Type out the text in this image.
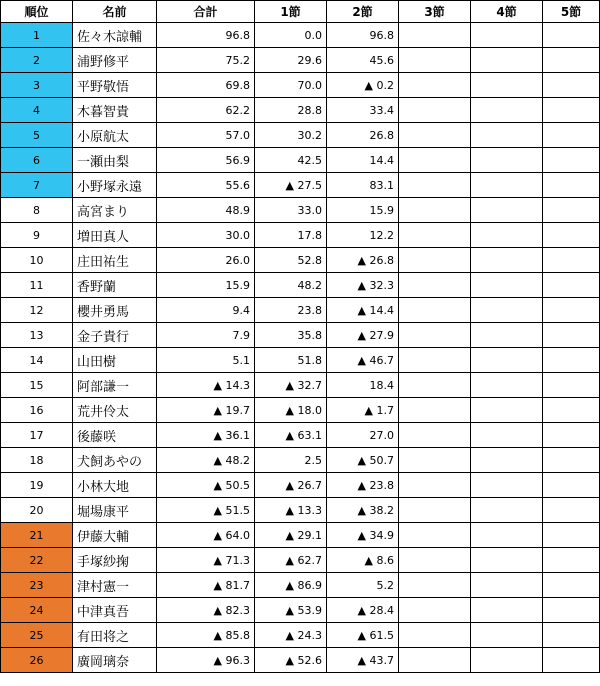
順位	名前	合計	1節	2節	3節	4節	5節
1	佐々木諒輔	96.8	0.0	96.8			
2	浦野修平	75.2	29.6	45.6			
3	平野敬悟	69.8	70.0	▲ 0.2			
4	木暮智貴	62.2	28.8	33.4			
5	小原航太	57.0	30.2	26.8			
6	一瀬由梨	56.9	42.5	14.4			
7	小野塚永遠	55.6	▲ 27.5	83.1			
8	高宮まり	48.9	33.0	15.9			
9	増田真人	30.0	17.8	12.2			
10	庄田祐生	26.0	52.8	▲ 26.8			
11	香野蘭	15.9	48.2	▲ 32.3			
12	櫻井勇馬	9.4	23.8	▲ 14.4			
13	金子貴行	7.9	35.8	▲ 27.9			
14	山田樹	5.1	51.8	▲ 46.7			
15	阿部謙一	▲ 14.3	▲ 32.7	18.4			
16	荒井伶太	▲ 19.7	▲ 18.0	▲ 1.7			
17	後藤咲	▲ 36.1	▲ 63.1	27.0			
18	犬飼あやの	▲ 48.2	2.5	▲ 50.7			
19	小林大地	▲ 50.5	▲ 26.7	▲ 23.8			
20	堀場康平	▲ 51.5	▲ 13.3	▲ 38.2			
21	伊藤大輔	▲ 64.0	▲ 29.1	▲ 34.9			
22	手塚紗掬	▲ 71.3	▲ 62.7	▲ 8.6			
23	津村憲一	▲ 81.7	▲ 86.9	5.2			
24	中津真吾	▲ 82.3	▲ 53.9	▲ 28.4			
25	有田将之	▲ 85.8	▲ 24.3	▲ 61.5			
26	廣岡璃奈	▲ 96.3	▲ 52.6	▲ 43.7			
